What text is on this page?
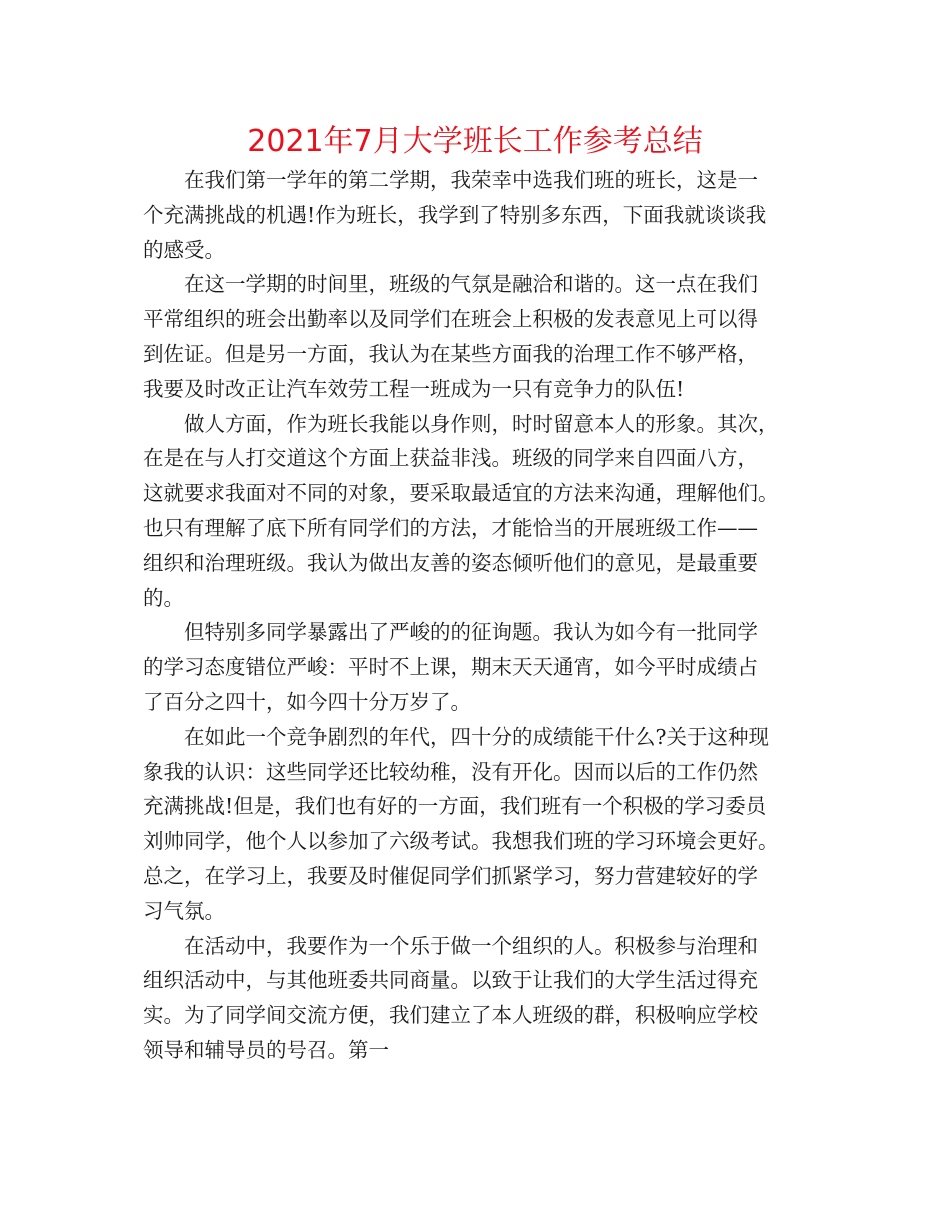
2021年7月大学班长工作参考总结

在我们第一学年的第二学期，我荣幸中选我们班的班长，这是一
个充满挑战的机遇!作为班长，我学到了特别多东西，下面我就谈谈我
的感受。

在这一学期的时间里，班级的气氛是融洽和谐的。这一点在我们
平常组织的班会出勤率以及同学们在班会上积极的发表意见上可以得
到佐证。但是另一方面，我认为在某些方面我的治理工作不够严格，
我要及时改正让汽车效劳工程一班成为一只有竞争力的队伍!

做人方面，作为班长我能以身作则，时时留意本人的形象。其次，
在是在与人打交道这个方面上获益非浅。班级的同学来自四面八方，
这就要求我面对不同的对象，要采取最适宜的方法来沟通，理解他们。
也只有理解了底下所有同学们的方法，才能恰当的开展班级工作——
组织和治理班级。我认为做出友善的姿态倾听他们的意见，是最重要
的。

但特别多同学暴露出了严峻的的征询题。我认为如今有一批同学
的学习态度错位严峻：平时不上课，期末天天通宵，如今平时成绩占
了百分之四十，如今四十分万岁了。

在如此一个竞争剧烈的年代，四十分的成绩能干什么?关于这种现
象我的认识：这些同学还比较幼稚，没有开化。因而以后的工作仍然
充满挑战!但是，我们也有好的一方面，我们班有一个积极的学习委员
刘帅同学，他个人以参加了六级考试。我想我们班的学习环境会更好。
总之，在学习上，我要及时催促同学们抓紧学习，努力营建较好的学
习气氛。

在活动中，我要作为一个乐于做一个组织的人。积极参与治理和
组织活动中，与其他班委共同商量。以致于让我们的大学生活过得充
实。为了同学间交流方便，我们建立了本人班级的群，积极响应学校
领导和辅导员的号召。第一
